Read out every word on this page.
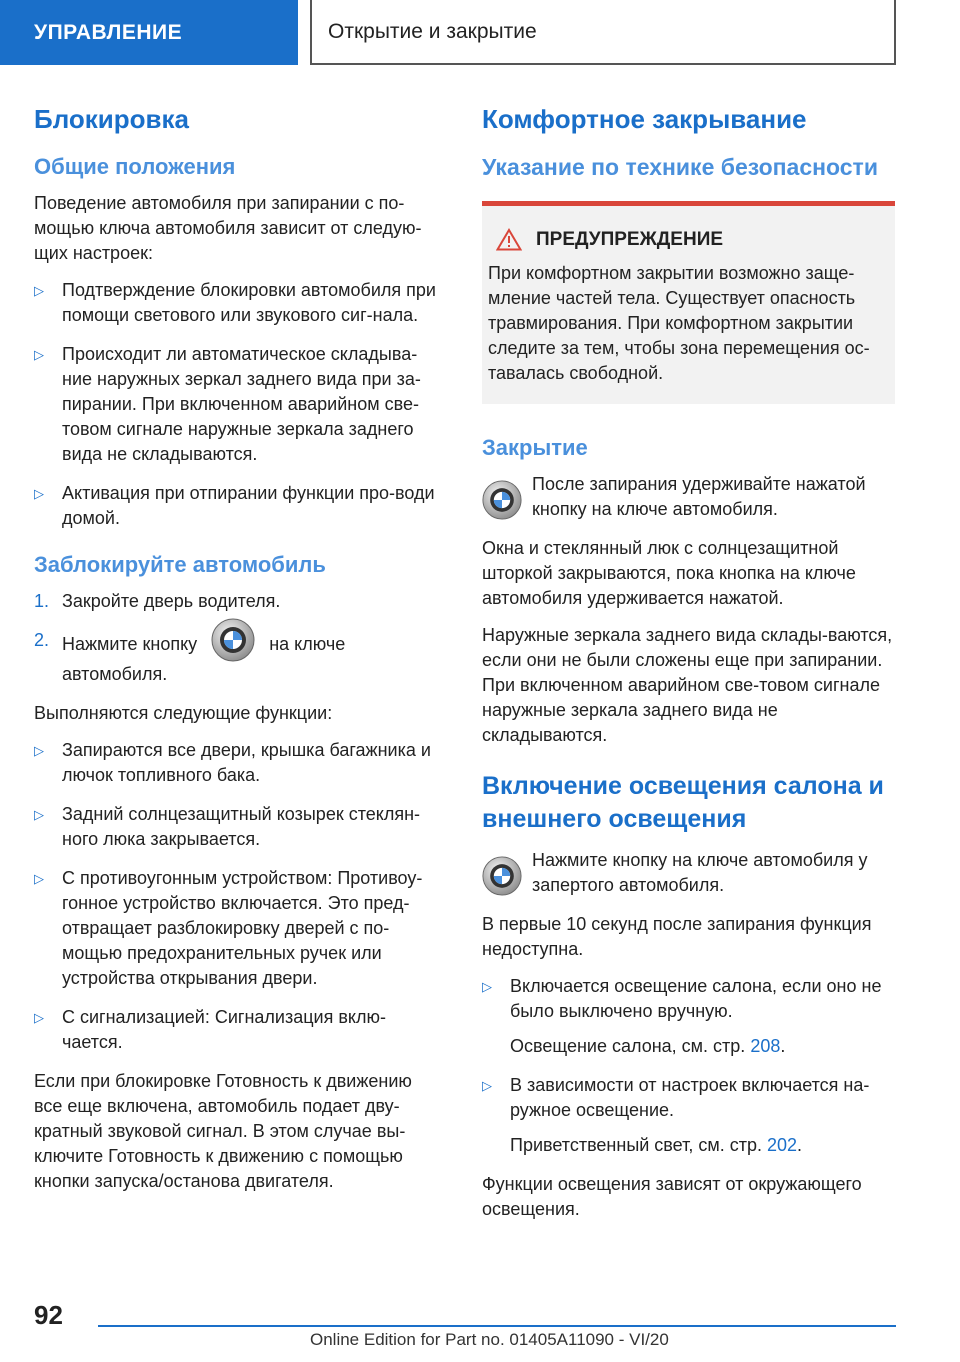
УПРАВЛЕНИЕ	Открытие и закрытие
Блокировка
Общие положения

Поведение автомобиля при запирании с по-мощью ключа автомобиля зависит от следую-щих настроек:

▷ Подтверждение блокировки автомобиля при помощи светового или звукового сиг-нала.
▷ Происходит ли автоматическое складыва-ние наружных зеркал заднего вида при за-пирании. При включенном аварийном све-товом сигнале наружные зеркала заднего вида не складываются.
▷ Активация при отпирании функции про-води домой.
Заблокируйте автомобиль
1. Закройте дверь водителя.
2. Нажмите кнопку	на ключе автомобиля.

Выполняются следующие функции:

▷ Запираются все двери, крышка багажника и лючок топливного бака.
▷ Задний солнцезащитный козырек стеклян-ного люка закрывается.
▷ С противоугонным устройством: Противоу-гонное устройство включается. Это пред-отвращает разблокировку дверей с по-мощью предохранительных ручек или устройства открывания двери.
▷ С сигнализацией: Сигнализация вклю-чается.

Если при блокировке Готовность к движению все еще включена, автомобиль подает дву-кратный звуковой сигнал. В этом случае вы-ключите Готовность к движению с помощью кнопки запуска/останова двигателя.

Комфортное закрывание
Указание по технике безопасности
ПРЕДУПРЕЖДЕНИЕ

При комфортном закрытии возможно зaще-мление частей тела. Существует опасность травмирования. При комфортном закрытии следите за тем, чтобы зона перемещения ос-тавалась свободной.

Закрытие

После запирания удерживайте нажатой кнопку на ключе автомобиля.

Окна и стеклянный люк с солнцезащитной шторкой закрываются, пока кнопка на ключе автомобиля удерживается нажатой.

Наружные зеркала заднего вида склады-ваются, если они не были сложены еще при запирании. При включенном аварийном све-товом сигнале наружные зеркала заднего вида не складываются.

Включение освещения салона и внешнего освещения

Нажмите кнопку на ключе автомобиля у запертого автомобиля.

В первые 10 секунд после запирания функция недоступна.

▷ Включается освещение салона, если оно не было выключено вручную.

Освещение салона, см. стр. 208.

▷ В зависимости от настроек включается на-ружное освещение.

Приветственный свет, см. стр. 202.

Функции освещения зависят от окружающего освещения.

92
Online Edition for Part no. 01405A11090 - VI/20
